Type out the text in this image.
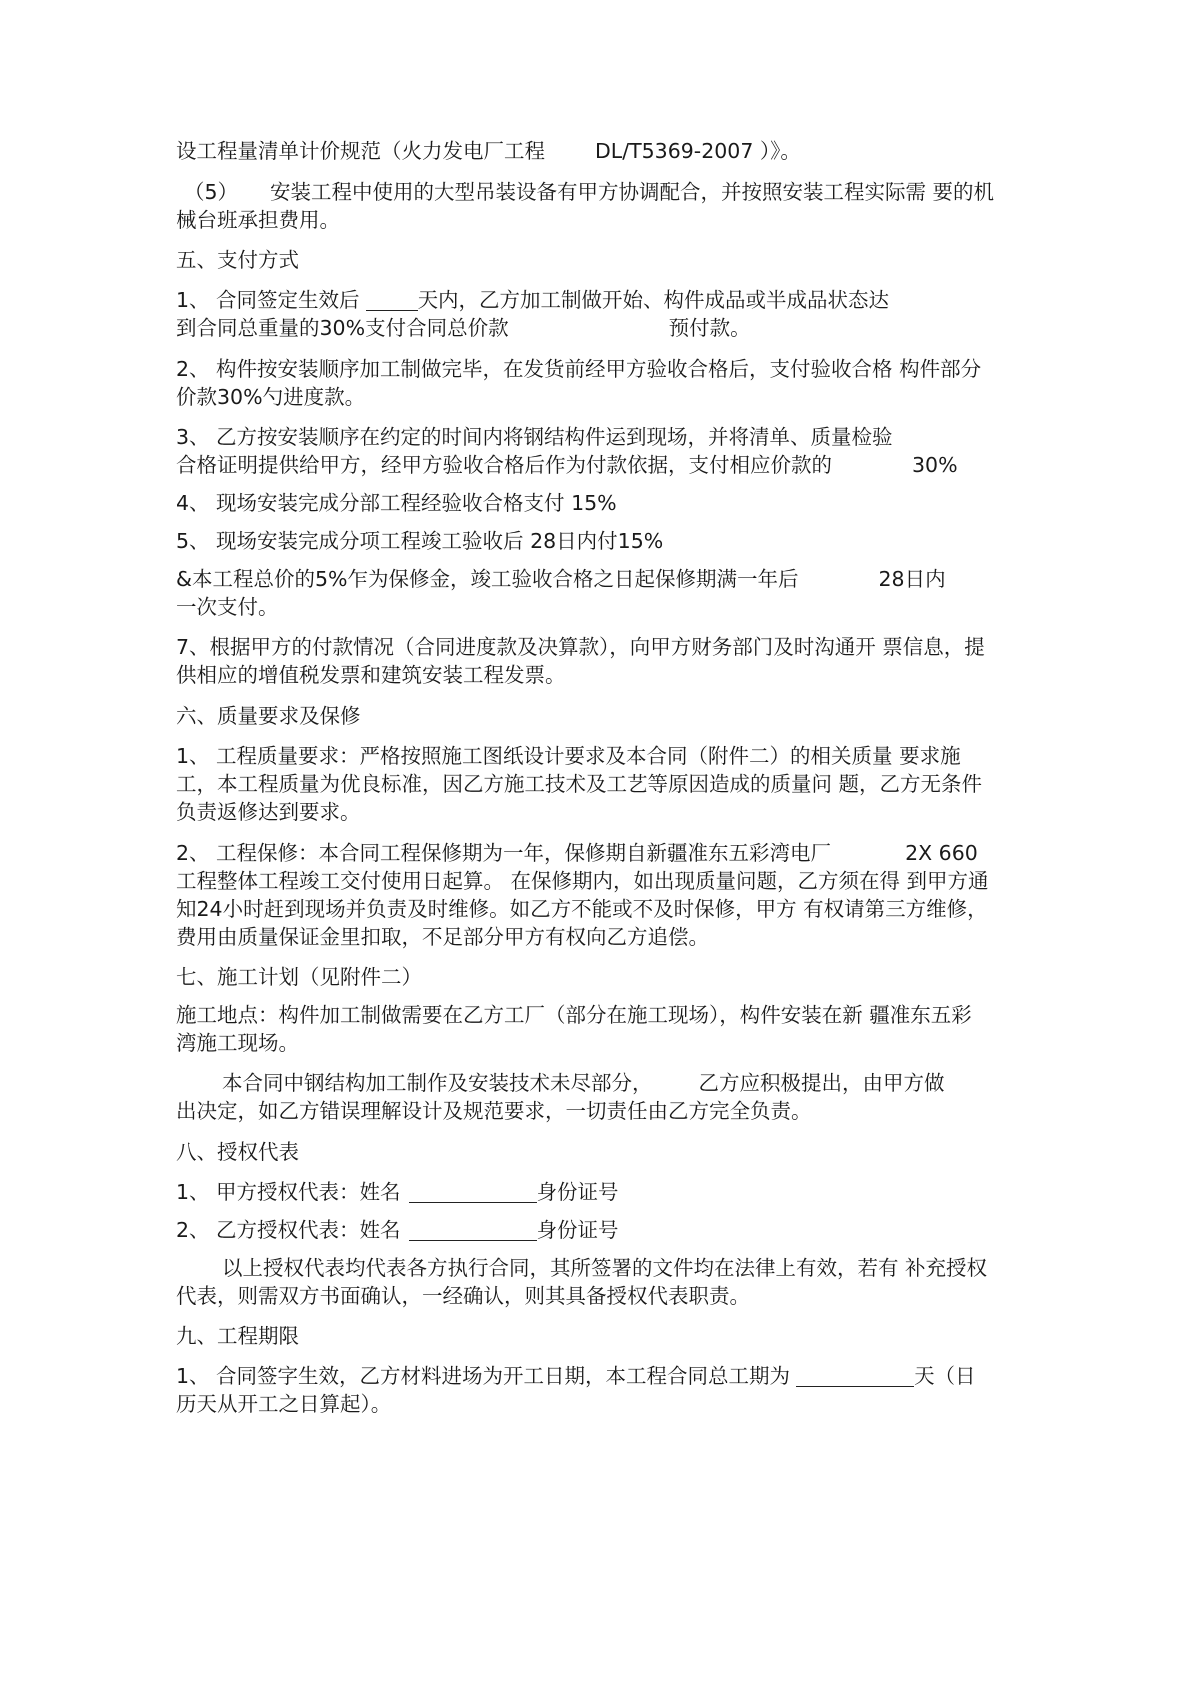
设工程量清单计价规范（火力发电厂工程 DL/T5369-2007 ）》。

（5） 安装工程中使用的大型吊装设备有甲方协调配合，并按照安装工程实际需 要的机

械台班承担费用。

五、支付方式

1、 合同签定生效后	天内，乙方加工制做开始、构件成品或半成品状态达

到合同总重量的30%支付合同总价款	预付款。

2、 构件按安装顺序加工制做完毕，在发货前经甲方验收合格后，支付验收合格 构件部分

价款30%勺进度款。

3、 乙方按安装顺序在约定的时间内将钢结构件运到现场，并将清单、质量检验

合格证明提供给甲方，经甲方验收合格后作为付款依据，支付相应价款的	30%

4、 现场安装完成分部工程经验收合格支付 15%

5、 现场安装完成分项工程竣工验收后 28日内付15%

&本工程总价的5%乍为保修金，竣工验收合格之日起保修期满一年后	28日内

一次支付。

7、根据甲方的付款情况（合同进度款及决算款），向甲方财务部门及时沟通开 票信息，提

供相应的增值税发票和建筑安装工程发票。

六、质量要求及保修

1、 工程质量要求：严格按照施工图纸设计要求及本合同（附件二）的相关质量 要求施

工，本工程质量为优良标准，因乙方施工技术及工艺等原因造成的质量问 题，乙方无条件

负责返修达到要求。

2、 工程保修：本合同工程保修期为一年，保修期自新疆准东五彩湾电厂	2X 660

工程整体工程竣工交付使用日起算。 在保修期内，如出现质量问题，乙方须在得 到甲方通

知24小时赶到现场并负责及时维修。如乙方不能或不及时保修，甲方 有权请第三方维修，

费用由质量保证金里扣取，不足部分甲方有权向乙方追偿。

七、施工计划（见附件二）

施工地点：构件加工制做需要在乙方工厂（部分在施工现场），构件安装在新 疆准东五彩

湾施工现场。

本合同中钢结构加工制作及安装技术未尽部分， 乙方应积极提出，由甲方做

出决定，如乙方错误理解设计及规范要求，一切责任由乙方完全负责。

八、授权代表

1、 甲方授权代表：姓名	身份证号

2、 乙方授权代表：姓名	身份证号

以上授权代表均代表各方执行合同，其所签署的文件均在法律上有效，若有 补充授权

代表，则需双方书面确认，一经确认，则其具备授权代表职责。

九、工程期限

1、 合同签字生效，乙方材料进场为开工日期，本工程合同总工期为	天（日

历天从开工之日算起）。
